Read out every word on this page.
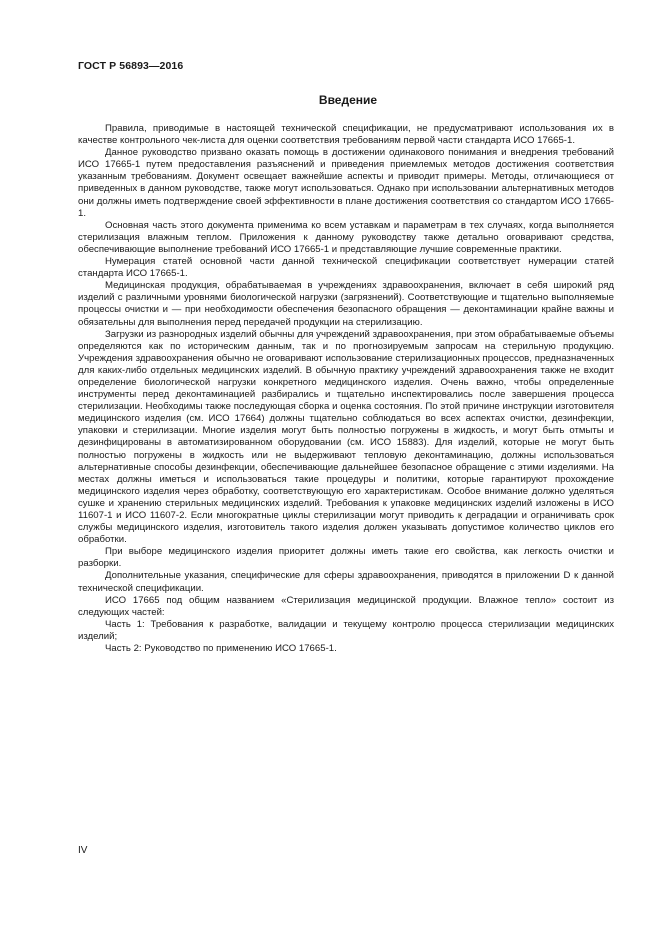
ГОСТ Р 56893—2016
Введение

Правила, приводимые в настоящей технической спецификации, не предусматривают использования их в качестве контрольного чек-листа для оценки соответствия требованиям первой части стандарта ИСО 17665-1.

Данное руководство призвано оказать помощь в достижении одинакового понимания и внедрения требований ИСО 17665-1 путем предоставления разъяснений и приведения приемлемых методов достижения соответствия указанным требованиям. Документ освещает важнейшие аспекты и приводит примеры. Методы, отличающиеся от приведенных в данном руководстве, также могут использоваться. Однако при использовании альтернативных методов они должны иметь подтверждение своей эффективности в плане достижения соответствия со стандартом ИСО 17665-1.

Основная часть этого документа применима ко всем уставкам и параметрам в тех случаях, когда выполняется стерилизация влажным теплом. Приложения к данному руководству также детально оговаривают средства, обеспечивающие выполнение требований ИСО 17665-1 и представляющие лучшие современные практики.

Нумерация статей основной части данной технической спецификации соответствует нумерации статей стандарта ИСО 17665-1.

Медицинская продукция, обрабатываемая в учреждениях здравоохранения, включает в себя широкий ряд изделий с различными уровнями биологической нагрузки (загрязнений). Соответствующие и тщательно выполняемые процессы очистки и — при необходимости обеспечения безопасного обращения — деконтаминации крайне важны и обязательны для выполнения перед передачей продукции на стерилизацию.

Загрузки из разнородных изделий обычны для учреждений здравоохранения, при этом обрабатываемые объемы определяются как по историческим данным, так и по прогнозируемым запросам на стерильную продукцию. Учреждения здравоохранения обычно не оговаривают использование стерилизационных процессов, предназначенных для каких-либо отдельных медицинских изделий. В обычную практику учреждений здравоохранения также не входит определение биологической нагрузки конкретного медицинского изделия. Очень важно, чтобы определенные инструменты перед деконтаминацией разбирались и тщательно инспектировались после завершения процесса стерилизации. Необходимы также последующая сборка и оценка состояния. По этой причине инструкции изготовителя медицинского изделия (см. ИСО 17664) должны тщательно соблюдаться во всех аспектах очистки, дезинфекции, упаковки и стерилизации. Многие изделия могут быть полностью погружены в жидкость, и могут быть отмыты и дезинфицированы в автоматизированном оборудовании (см. ИСО 15883). Для изделий, которые не могут быть полностью погружены в жидкость или не выдерживают тепловую деконтаминацию, должны использоваться альтернативные способы дезинфекции, обеспечивающие дальнейшее безопасное обращение с этими изделиями. На местах должны иметься и использоваться такие процедуры и политики, которые гарантируют прохождение медицинского изделия через обработку, соответствующую его характеристикам. Особое внимание должно уделяться сушке и хранению стерильных медицинских изделий. Требования к упаковке медицинских изделий изложены в ИСО 11607-1 и ИСО 11607-2. Если многократные циклы стерилизации могут приводить к деградации и ограничивать срок службы медицинского изделия, изготовитель такого изделия должен указывать допустимое количество циклов его обработки.

При выборе медицинского изделия приоритет должны иметь такие его свойства, как легкость очистки и разборки.

Дополнительные указания, специфические для сферы здравоохранения, приводятся в приложении D к данной технической спецификации.

ИСО 17665 под общим названием «Стерилизация медицинской продукции. Влажное тепло» состоит из следующих частей:

Часть 1: Требования к разработке, валидации и текущему контролю процесса стерилизации медицинских изделий;

Часть 2: Руководство по применению ИСО 17665-1.

IV
